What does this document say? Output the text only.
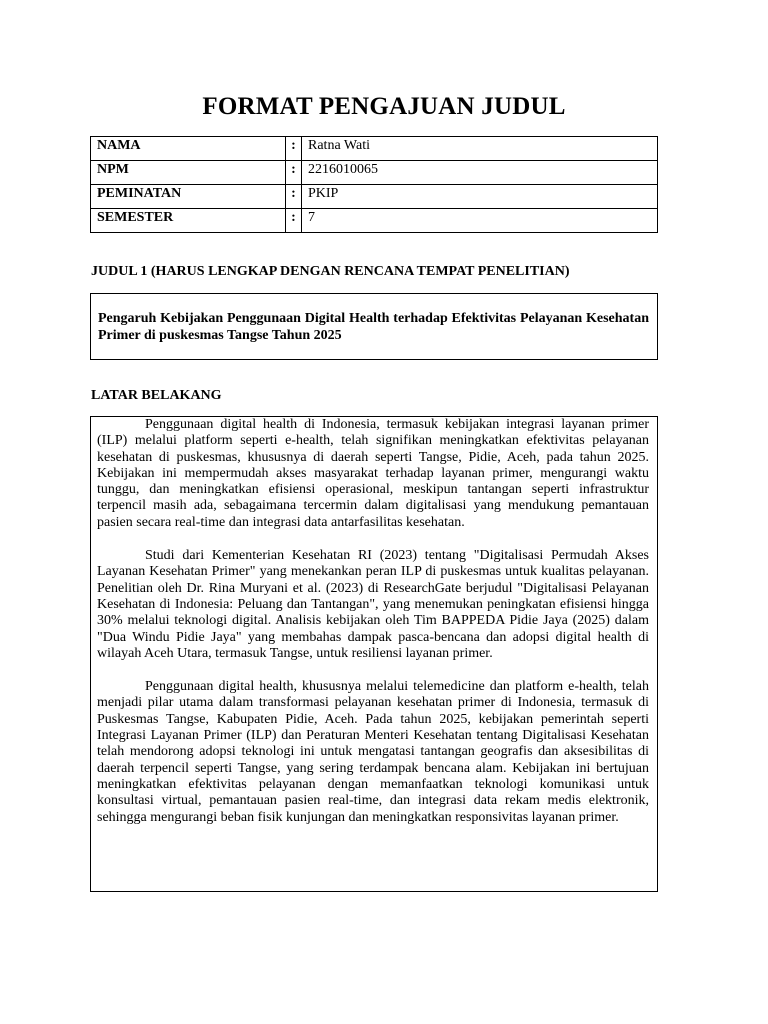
FORMAT PENGAJUAN JUDUL
NAMA	:	Ratna Wati
NPM	:	2216010065
PEMINATAN	:	PKIP
SEMESTER	:	7
JUDUL 1 (HARUS LENGKAP DENGAN RENCANA TEMPAT PENELITIAN)
Pengaruh Kebijakan Penggunaan Digital Health terhadap Efektivitas Pelayanan Kesehatan Primer di puskesmas Tangse Tahun 2025
LATAR BELAKANG

Penggunaan digital health di Indonesia, termasuk kebijakan integrasi layanan primer (ILP) melalui platform seperti e-health, telah signifikan meningkatkan efektivitas pelayanan kesehatan di puskesmas, khususnya di daerah seperti Tangse, Pidie, Aceh, pada tahun 2025. Kebijakan ini mempermudah akses masyarakat terhadap layanan primer, mengurangi waktu tunggu, dan meningkatkan efisiensi operasional, meskipun tantangan seperti infrastruktur terpencil masih ada, sebagaimana tercermin dalam digitalisasi yang mendukung pemantauan pasien secara real-time dan integrasi data antarfasilitas kesehatan.

Studi dari Kementerian Kesehatan RI (2023) tentang "Digitalisasi Permudah Akses Layanan Kesehatan Primer" yang menekankan peran ILP di puskesmas untuk kualitas pelayanan. Penelitian oleh Dr. Rina Muryani et al. (2023) di ResearchGate berjudul "Digitalisasi Pelayanan Kesehatan di Indonesia: Peluang dan Tantangan", yang menemukan peningkatan efisiensi hingga 30% melalui teknologi digital. Analisis kebijakan oleh Tim BAPPEDA Pidie Jaya (2025) dalam "Dua Windu Pidie Jaya" yang membahas dampak pasca-bencana dan adopsi digital health di wilayah Aceh Utara, termasuk Tangse, untuk resiliensi layanan primer.

Penggunaan digital health, khususnya melalui telemedicine dan platform e-health, telah menjadi pilar utama dalam transformasi pelayanan kesehatan primer di Indonesia, termasuk di Puskesmas Tangse, Kabupaten Pidie, Aceh. Pada tahun 2025, kebijakan pemerintah seperti Integrasi Layanan Primer (ILP) dan Peraturan Menteri Kesehatan tentang Digitalisasi Kesehatan telah mendorong adopsi teknologi ini untuk mengatasi tantangan geografis dan aksesibilitas di daerah terpencil seperti Tangse, yang sering terdampak bencana alam. Kebijakan ini bertujuan meningkatkan efektivitas pelayanan dengan memanfaatkan teknologi komunikasi untuk konsultasi virtual, pemantauan pasien real-time, dan integrasi data rekam medis elektronik, sehingga mengurangi beban fisik kunjungan dan meningkatkan responsivitas layanan primer.
